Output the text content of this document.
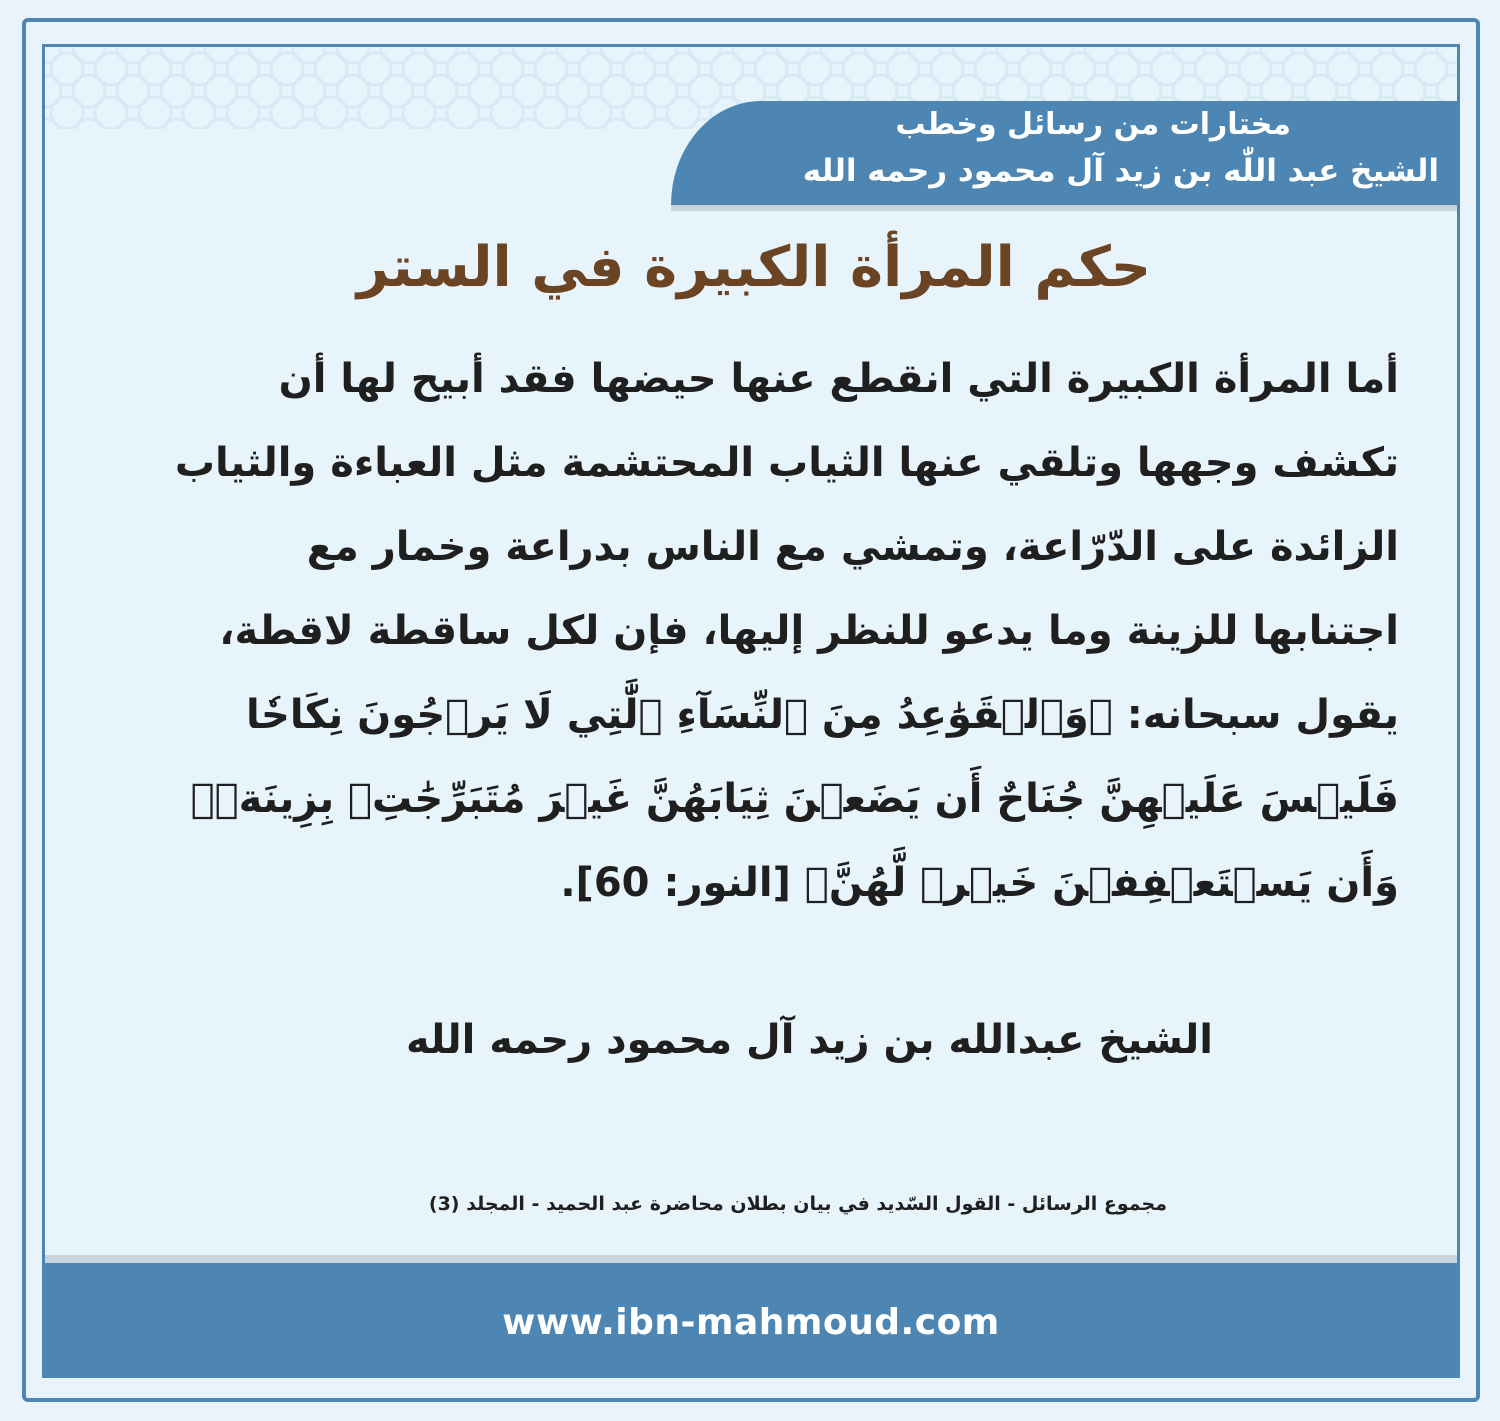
مختارات من رسائل وخطب
الشيخ عبد اللّٰه بن زيد آل محمود رحمه الله
حكم المرأة الكبيرة في الستر
أما المرأة الكبيرة التي انقطع عنها حيضها فقد أبيح لها أن تكشف وجهها وتلقي عنها الثياب المحتشمة مثل العباءة والثياب الزائدة على الدّرّاعة، وتمشي مع الناس بدراعة وخمار مع اجتنابها للزينة وما يدعو للنظر إليها، فإن لكل ساقطة لاقطة، يقول سبحانه: ﴿وَٱلۡقَوَٰعِدُ مِنَ ٱلنِّسَآءِ ٱلَّٰتِي لَا يَرۡجُونَ نِكَاحٗا فَلَيۡسَ عَلَيۡهِنَّ جُنَاحٌ أَن يَضَعۡنَ ثِيَابَهُنَّ غَيۡرَ مُتَبَرِّجَٰتِۭ بِزِينَةٖۖ وَأَن يَسۡتَعۡفِفۡنَ خَيۡرٞ لَّهُنَّ﴾ [النور: 60].
الشيخ عبدالله بن زيد آل محمود رحمه الله
مجموع الرسائل - القول السّديد في بيان بطلان محاضرة عبد الحميد - المجلد (3)
www.ibn-mahmoud.com
